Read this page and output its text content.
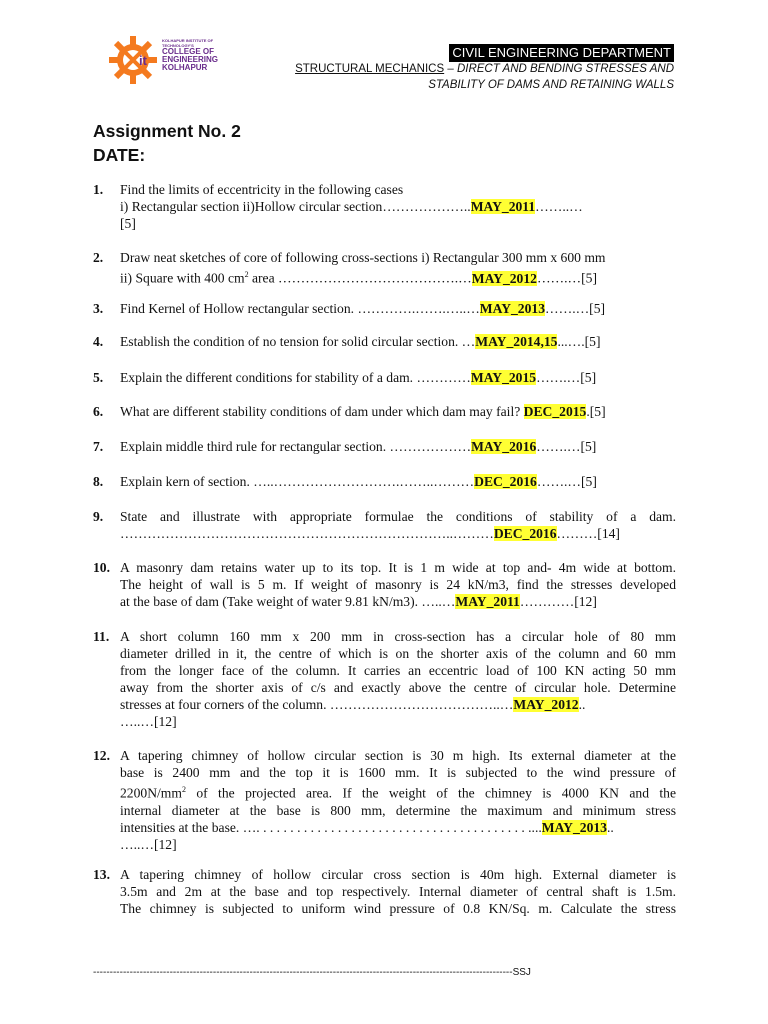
it
KOLHAPUR INSTITUTE OF TECHNOLOGY'S
COLLEGE OF
ENGINEERING
KOLHAPUR
CIVIL ENGINEERING DEPARTMENT
STRUCTURAL MECHANICS – DIRECT AND BENDING STRESSES AND
STABILITY OF DAMS AND RETAINING WALLS
Assignment No. 2
DATE:
1. Find the limits of eccentricity in the following cases
i) Rectangular section ii)Hollow circular section………………..MAY_2011……..…
[5]
2. Draw neat sketches of core of following cross-sections i) Rectangular 300 mm x 600 mm
ii) Square with 400 $cm^2$ area ………………………………….…MAY_2012…….…[5]
3. Find Kernel of Hollow rectangular section. ………….…….…..…MAY_2013…….…[5]
4. Establish the condition of no tension for solid circular section. …MAY_2014,15...….[5]
5. Explain the different conditions for stability of a dam. …………MAY_2015…….…[5]
6. What are different stability conditions of dam under which dam may fail? DEC_2015.[5]
7. Explain middle third rule for rectangular section. ………………MAY_2016…….…[5]
8. Explain kern of section. …..……………………….……..………DEC_2016…….…[5]
9. State and illustrate with appropriate formulae the conditions of stability of a dam.
………………………………………………………………..………DEC_2016………[14]
10. A masonry dam retains water up to its top. It is 1 m wide at top and- 4m wide at bottom.
The height of wall is 5 m. If weight of masonry is 24 kN/m3, find the stresses developed
at the base of dam (Take weight of water 9.81 kN/m3). …..…MAY_2011…………[12]
11. A short column 160 mm x 200 mm in cross-section has a circular hole of 80 mm
diameter drilled in it, the centre of which is on the shorter axis of the column and 60 mm
from the longer face of the column. It carries an eccentric load of 100 KN acting 50 mm
away from the shorter axis of c/s and exactly above the centre of circular hole. Determine
stresses at four corners of the column. ………………………………..…MAY_2012..
…..…[12]
12. A tapering chimney of hollow circular section is 30 m high. Its external diameter at the
base is 2400 mm and the top it is 1600 mm. It is subjected to the wind pressure of
$2200N/mm^2$ of the projected area. If the weight of the chimney is 4000 KN and the
internal diameter at the base is 800 mm, determine the maximum and minimum stress
intensities at the base. …. . . . . . . . . . . . . . . . . . . . . . . . . . . . . . . . . . . . . . . . ....MAY_2013..
…..…[12]
13. A tapering chimney of hollow circular cross section is 40m high. External diameter is
3.5m and 2m at the base and top respectively. Internal diameter of central shaft is 1.5m.
The chimney is subjected to uniform wind pressure of 0.8 KN/Sq. m. Calculate the stress
------------------------------------------------------------------------------------------------------------------------------SSJ
